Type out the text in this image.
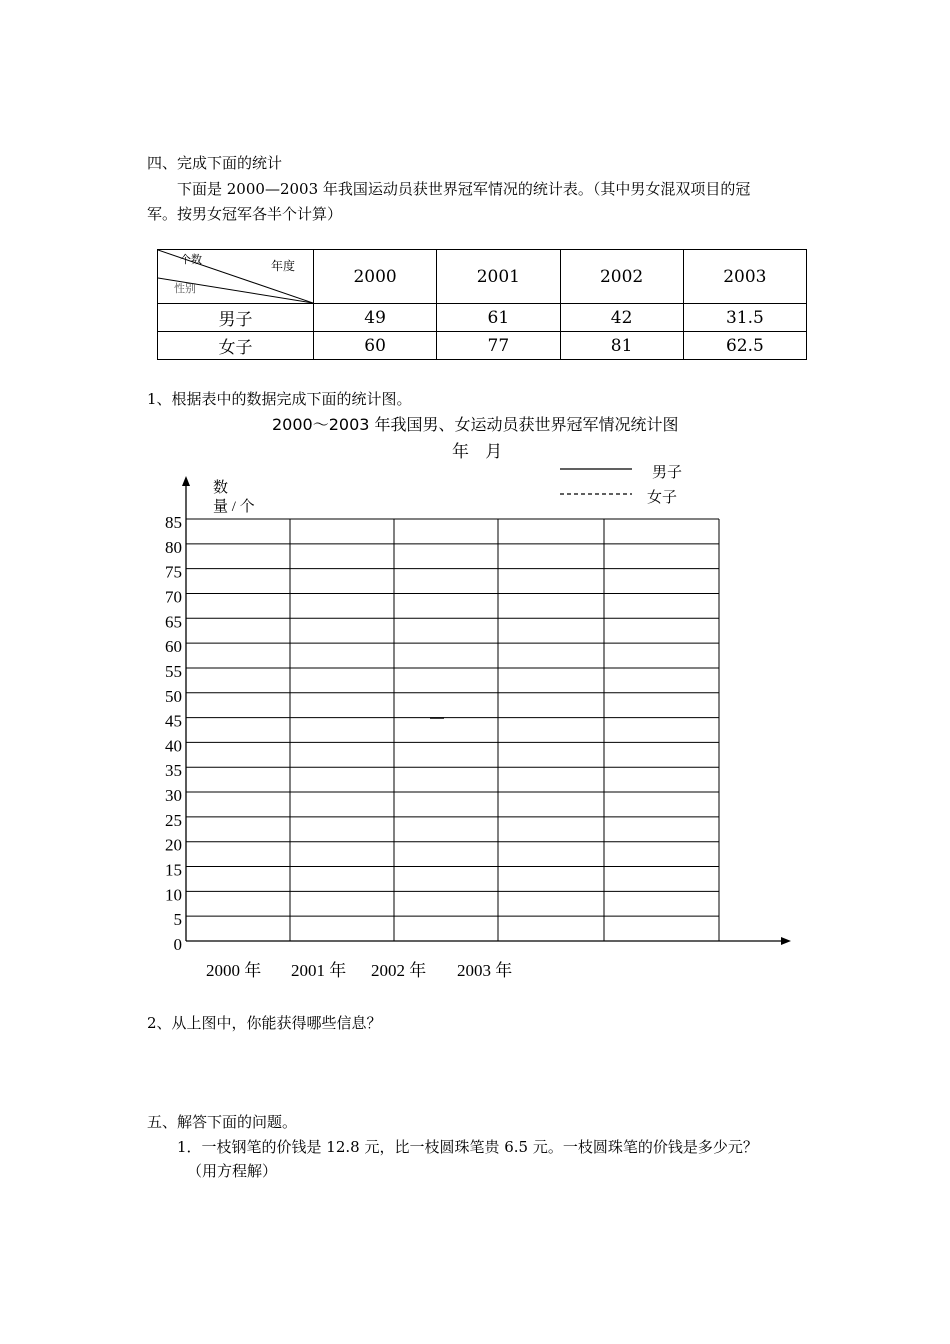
四、完成下面的统计
下面是 2000—2003 年我国运动员获世界冠军情况的统计表。（其中男女混双项目的冠
军。按男女冠军各半个计算）
个数 年度
性别	2000	2001	2002	2003
男子	49	61	42	31.5
女子	60	77	81	62.5
1、根据表中的数据完成下面的统计图。
2000～2003 年我国男、女运动员获世界冠军情况统计图
年   月
85
80
75
70
65
60
55
50
45
40
35
30
25
20
15
10
5
0
2000 年 2001 年 2002 年 2003 年
数
量 / 个
男子
女子
2、从上图中，你能获得哪些信息？
五、解答下面的问题。
1．一枝钢笔的价钱是 12.8 元，比一枝圆珠笔贵 6.5 元。一枝圆珠笔的价钱是多少元？
（用方程解）
